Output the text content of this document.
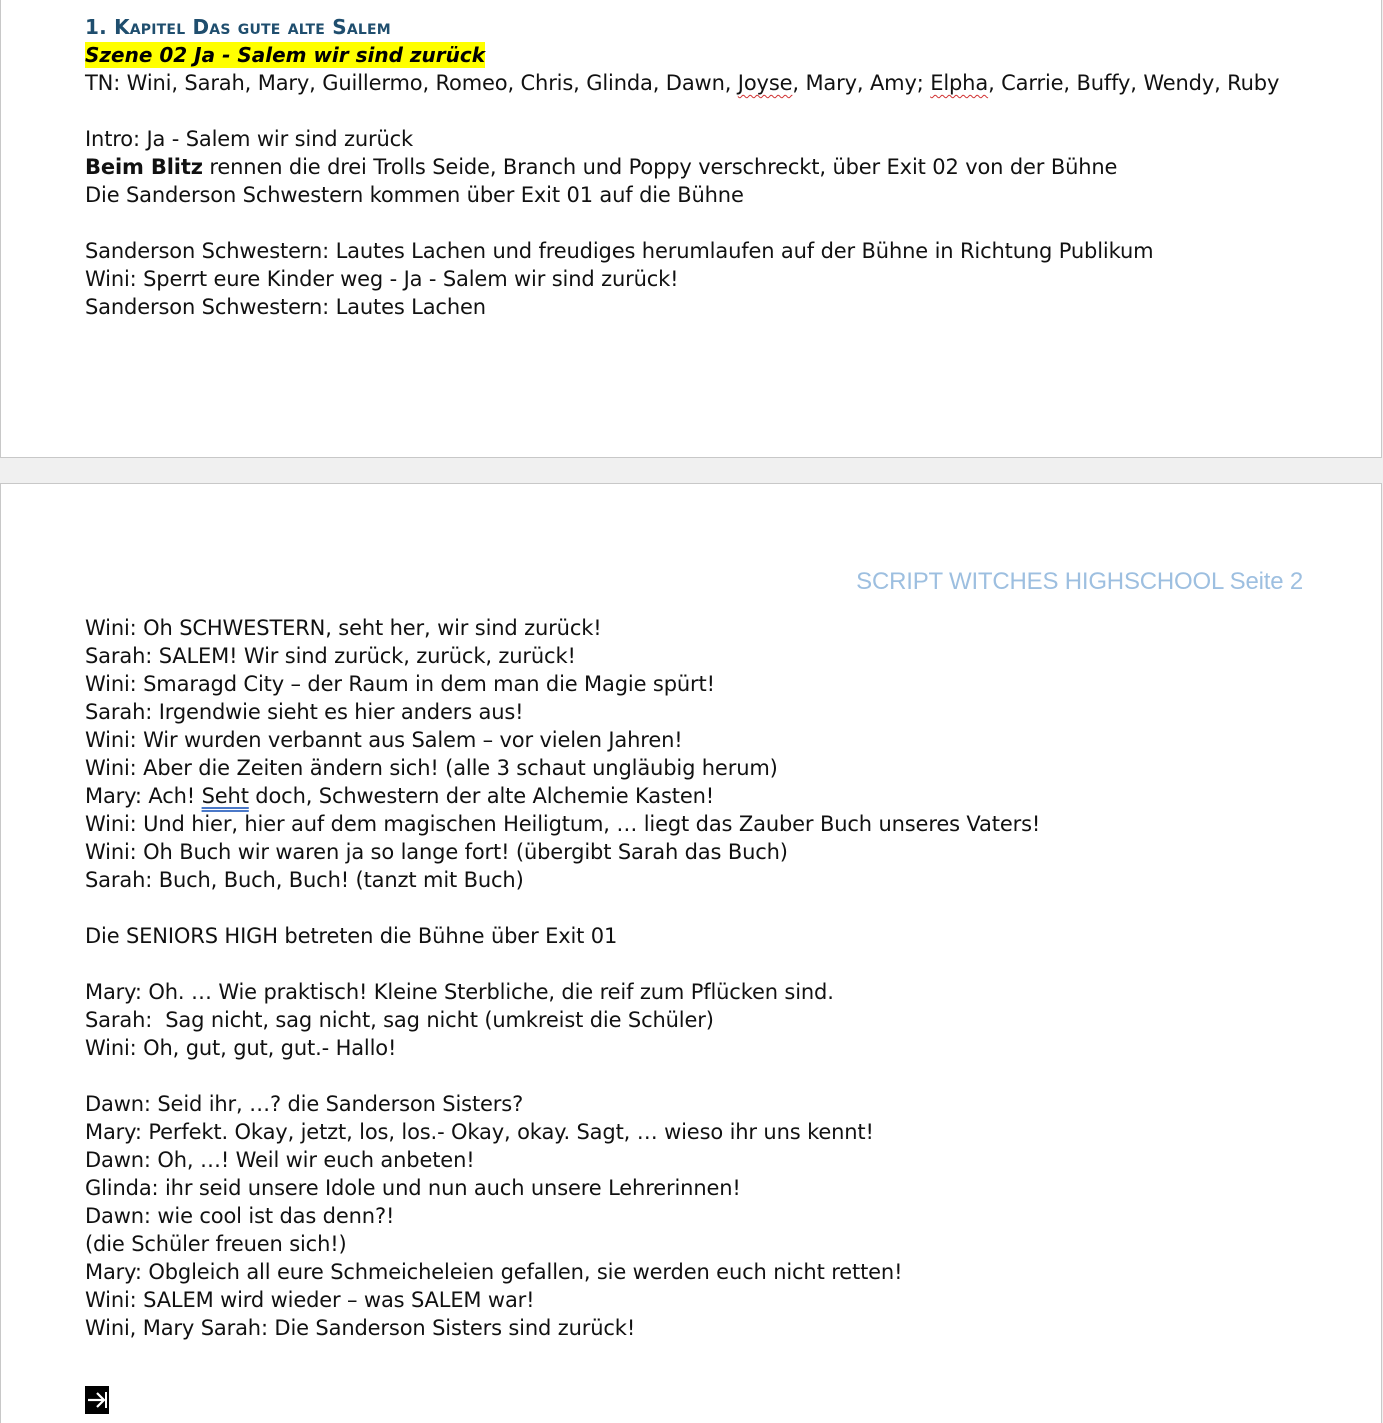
1. Kapitel Das gute alte Salem
Szene 02 Ja - Salem wir sind zurück
TN: Wini, Sarah, Mary, Guillermo, Romeo, Chris, Glinda, Dawn, Joyse, Mary, Amy; Elpha, Carrie, Buffy, Wendy, Ruby
Intro: Ja - Salem wir sind zurück
Beim Blitz rennen die drei Trolls Seide, Branch und Poppy verschreckt, über Exit 02 von der Bühne
Die Sanderson Schwestern kommen über Exit 01 auf die Bühne
Sanderson Schwestern: Lautes Lachen und freudiges herumlaufen auf der Bühne in Richtung Publikum
Wini: Sperrt eure Kinder weg - Ja - Salem wir sind zurück!
Sanderson Schwestern: Lautes Lachen
SCRIPT WITCHES HIGHSCHOOL Seite 2
Wini: Oh SCHWESTERN, seht her, wir sind zurück!
Sarah: SALEM! Wir sind zurück, zurück, zurück!
Wini: Smaragd City – der Raum in dem man die Magie spürt!
Sarah: Irgendwie sieht es hier anders aus!
Wini: Wir wurden verbannt aus Salem – vor vielen Jahren!
Wini: Aber die Zeiten ändern sich! (alle 3 schaut ungläubig herum)
Mary: Ach! Seht doch, Schwestern der alte Alchemie Kasten!
Wini: Und hier, hier auf dem magischen Heiligtum, … liegt das Zauber Buch unseres Vaters!
Wini: Oh Buch wir waren ja so lange fort! (übergibt Sarah das Buch)
Sarah: Buch, Buch, Buch! (tanzt mit Buch)
Die SENIORS HIGH betreten die Bühne über Exit 01
Mary: Oh. … Wie praktisch! Kleine Sterbliche, die reif zum Pflücken sind.
Sarah:  Sag nicht, sag nicht, sag nicht (umkreist die Schüler)
Wini: Oh, gut, gut, gut.- Hallo!
Dawn: Seid ihr, …? die Sanderson Sisters?
Mary: Perfekt. Okay, jetzt, los, los.- Okay, okay. Sagt, … wieso ihr uns kennt!
Dawn: Oh, …! Weil wir euch anbeten!
Glinda: ihr seid unsere Idole und nun auch unsere Lehrerinnen!
Dawn: wie cool ist das denn?!
(die Schüler freuen sich!)
Mary: Obgleich all eure Schmeicheleien gefallen, sie werden euch nicht retten!
Wini: SALEM wird wieder – was SALEM war!
Wini, Mary Sarah: Die Sanderson Sisters sind zurück!
